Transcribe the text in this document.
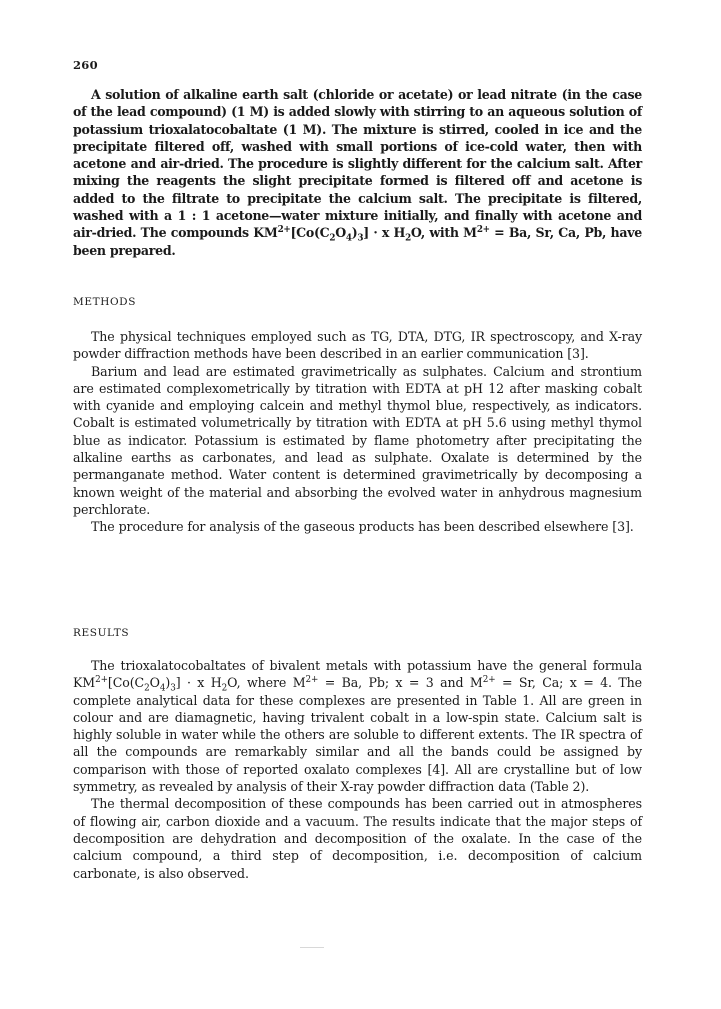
260

A solution of alkaline earth salt (chloride or acetate) or lead nitrate (in the case of the lead compound) (1 M) is added slowly with stirring to an aqueous solution of potassium trioxalatocobaltate (1 M). The mixture is stirred, cooled in ice and the precipitate filtered off, washed with small portions of ice-cold water, then with acetone and air-dried. The procedure is slightly different for the calcium salt. After mixing the reagents the slight precipitate formed is filtered off and acetone is added to the filtrate to precipitate the calcium salt. The precipitate is filtered, washed with a 1 : 1 acetone—water mixture initially, and finally with acetone and air-dried. The compounds $KM^{2+}[Co(C_2O_4)_3] \cdot x$ $H_2O$, with $M^{2+} = Ba$, Sr, Ca, Pb, have been prepared.

METHODS

The physical techniques employed such as TG, DTA, DTG, IR spectroscopy, and X-ray powder diffraction methods have been described in an earlier communication [3].

Barium and lead are estimated gravimetrically as sulphates. Calcium and strontium are estimated complexometrically by titration with EDTA at pH 12 after masking cobalt with cyanide and employing calcein and methyl thymol blue, respectively, as indicators. Cobalt is estimated volumetrically by titration with EDTA at pH 5.6 using methyl thymol blue as indicator. Potassium is estimated by flame photometry after precipitating the alkaline earths as carbonates, and lead as sulphate. Oxalate is determined by the permanganate method. Water content is determined gravimetrically by decomposing a known weight of the material and absorbing the evolved water in anhydrous magnesium perchlorate.

The procedure for analysis of the gaseous products has been described elsewhere [3].

RESULTS

The trioxalatocobaltates of bivalent metals with potassium have the general formula $KM^{2+}[Co(C_2O_4)_3] \cdot x$ $H_2O$, where $M^{2+} = Ba$, Pb; x = 3 and $M^{2+} = Sr$, Ca; x = 4. The complete analytical data for these complexes are presented in Table 1. All are green in colour and are diamagnetic, having trivalent cobalt in a low-spin state. Calcium salt is highly soluble in water while the others are soluble to different extents. The IR spectra of all the compounds are remarkably similar and all the bands could be assigned by comparison with those of reported oxalato complexes [4]. All are crystalline but of low symmetry, as revealed by analysis of their X-ray powder diffraction data (Table 2).

The thermal decomposition of these compounds has been carried out in atmospheres of flowing air, carbon dioxide and a vacuum. The results indicate that the major steps of decomposition are dehydration and decomposition of the oxalate. In the case of the calcium compound, a third step of decomposition, i.e. decomposition of calcium carbonate, is also observed.
